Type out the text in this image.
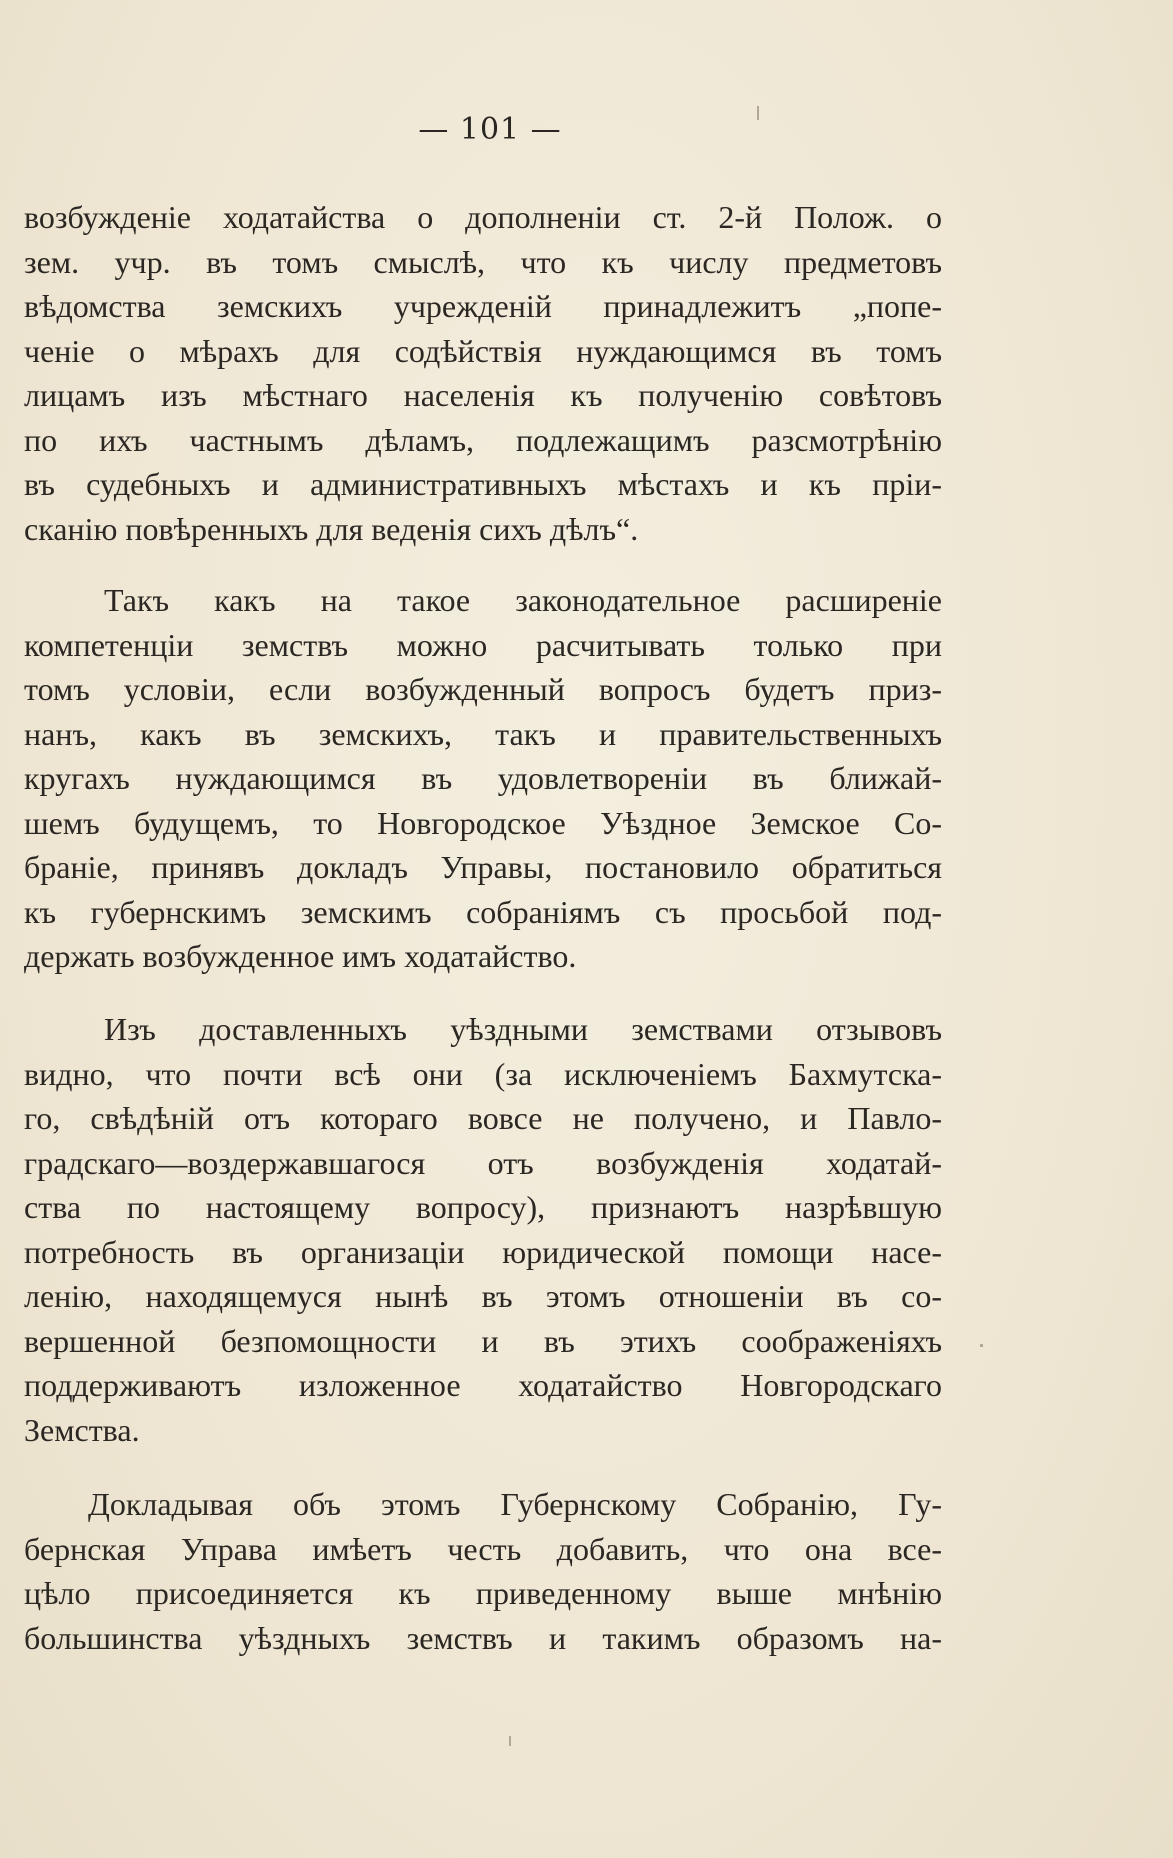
— 101 —

возбужденіе ходатайства о дополненіи ст. 2-й Полож. о
зем. учр. въ томъ смыслѣ, что къ числу предметовъ
вѣдомства земскихъ учрежденій принадлежитъ „попе-
ченіе о мѣрахъ для содѣйствія нуждающимся въ томъ
лицамъ изъ мѣстнаго населенія къ полученію совѣтовъ
по ихъ частнымъ дѣламъ, подлежащимъ разсмотрѣнію
въ судебныхъ и административныхъ мѣстахъ и къ пріи-
сканію повѣренныхъ для веденія сихъ дѣлъ“.

Такъ какъ на такое законодательное расширеніе
компетенціи земствъ можно расчитывать только при
томъ условіи, если возбужденный вопросъ будетъ приз-
нанъ, какъ въ земскихъ, такъ и правительственныхъ
кругахъ нуждающимся въ удовлетвореніи въ ближай-
шемъ будущемъ, то Новгородское Уѣздное Земское Со-
браніе, принявъ докладъ Управы, постановило обратиться
къ губернскимъ земскимъ собраніямъ съ просьбой под-
держать возбужденное имъ ходатайство.

Изъ доставленныхъ уѣздными земствами отзывовъ
видно, что почти всѣ они (за исключеніемъ Бахмутска-
го, свѣдѣній отъ котораго вовсе не получено, и Павло-
градскаго—воздержавшагося отъ возбужденія ходатай-
ства по настоящему вопросу), признаютъ назрѣвшую
потребность въ организаціи юридической помощи насе-
ленію, находящемуся нынѣ въ этомъ отношеніи въ со-
вершенной безпомощности и въ этихъ соображеніяхъ
поддерживаютъ изложенное ходатайство Новгородскаго
Земства.

Докладывая объ этомъ Губернскому Собранію, Гу-
бернская Управа имѣетъ честь добавить, что она все-
цѣло присоединяется къ приведенному выше мнѣнію
большинства уѣздныхъ земствъ и такимъ образомъ на-
